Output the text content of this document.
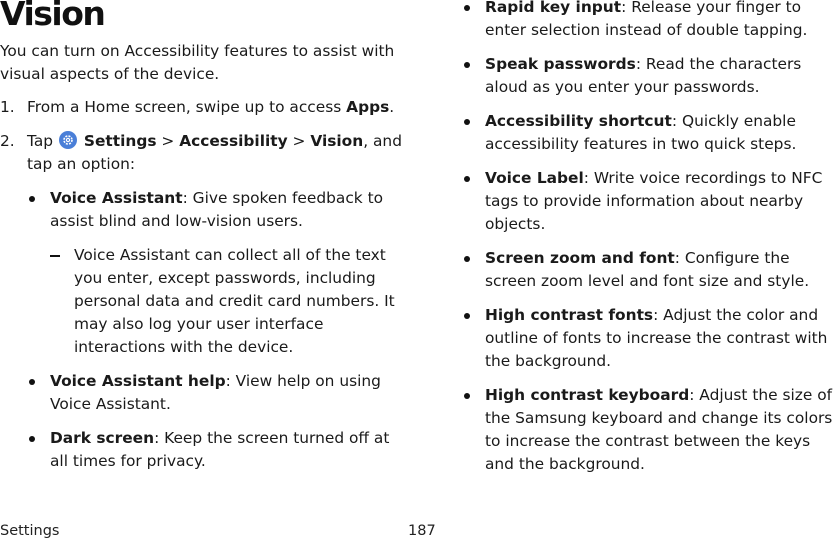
Vision

You can turn on Accessibility features to assist with visual aspects of the device.

1. From a Home screen, swipe up to access Apps.
2. Tap
Settings > Accessibility > Vision, and tap an option:
Voice Assistant: Give spoken feedback to assist blind and low-vision users.
Voice Assistant can collect all of the text you enter, except passwords, including personal data and credit card numbers. It may also log your user interface interactions with the device.
Voice Assistant help: View help on using Voice Assistant.
Dark screen: Keep the screen turned off at all times for privacy.
Rapid key input: Release your finger to enter selection instead of double tapping.
Speak passwords: Read the characters aloud as you enter your passwords.
Accessibility shortcut: Quickly enable accessibility features in two quick steps.
Voice Label: Write voice recordings to NFC tags to provide information about nearby objects.
Screen zoom and font: Configure the screen zoom level and font size and style.
High contrast fonts: Adjust the color and outline of fonts to increase the contrast with the background.
High contrast keyboard: Adjust the size of the Samsung keyboard and change its colors to increase the contrast between the keys and the background.
Settings	187
